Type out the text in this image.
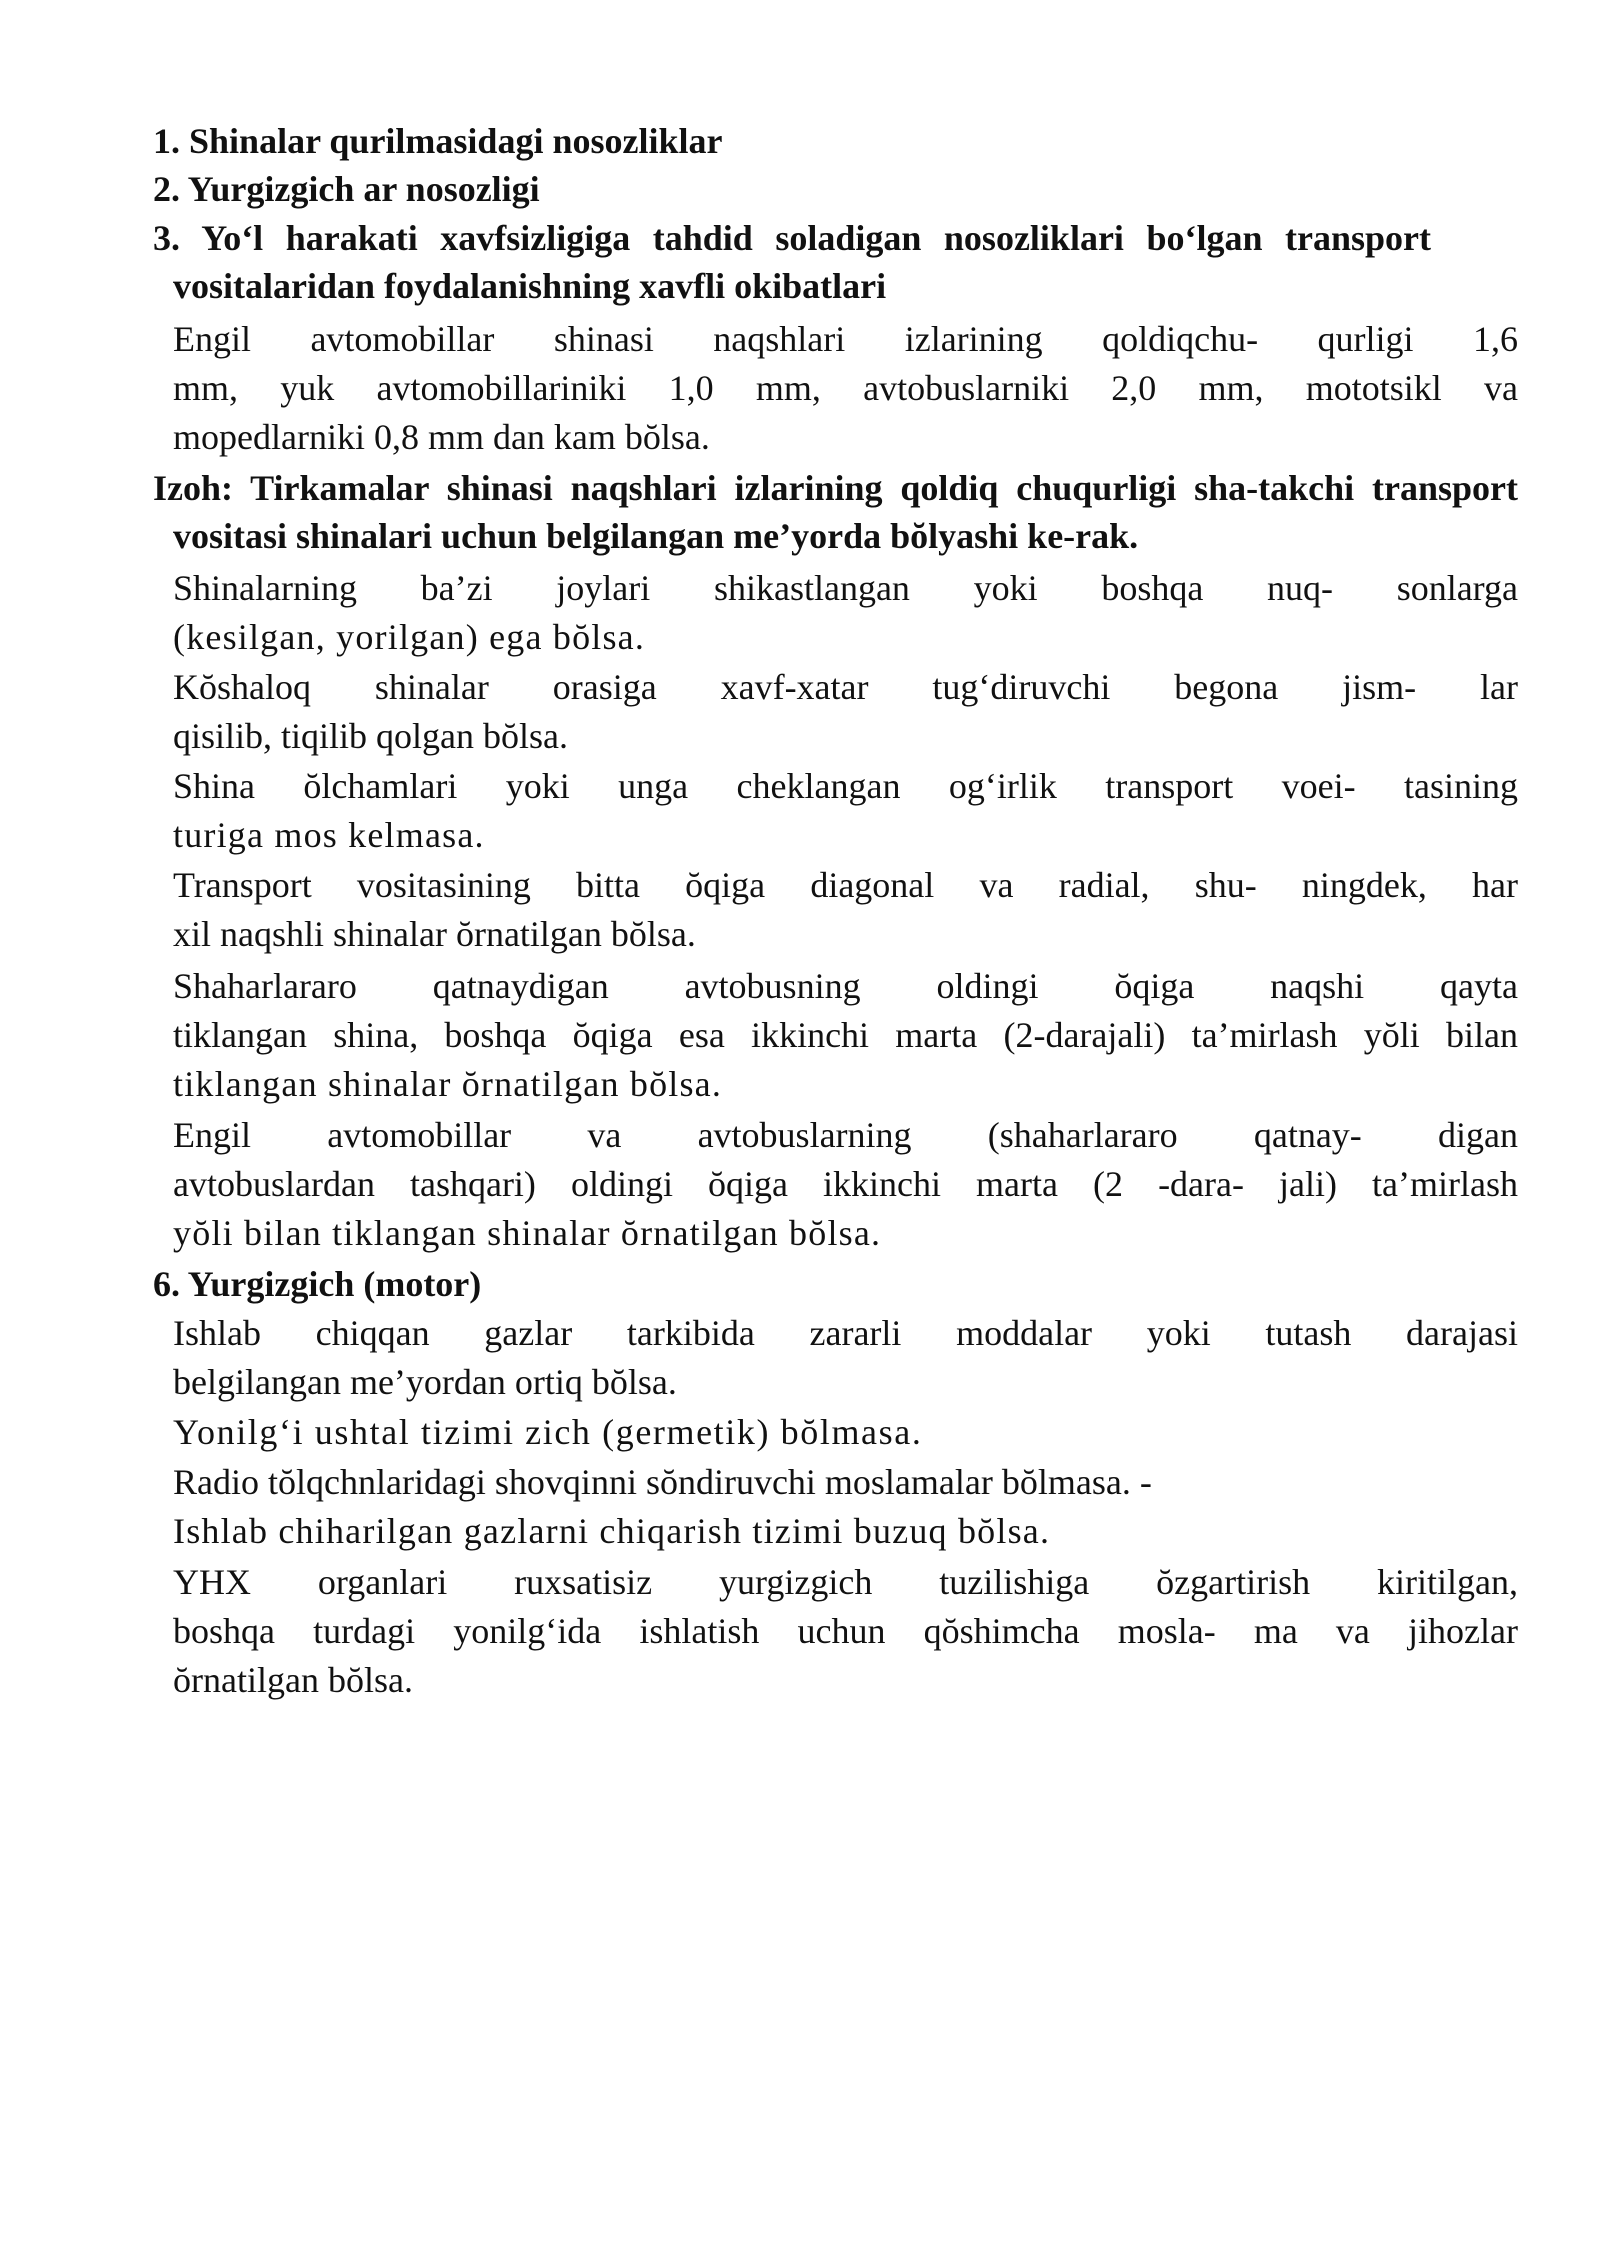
1. Shinalar qurilmasidagi nosozliklar
2. Yurgizgich ar nosozligi
3. Yo‘l harakati xavfsizligiga tahdid soladigan nosozliklari bo‘lgan transport
vositalaridan foydalanishning xavfli okibatlari
Engil avtomobillar shinasi naqshlari izlarining qoldiqchu- qurligi 1,6
mm, yuk avtomobillariniki 1,0 mm, avtobuslarniki 2,0 mm, mototsikl va
mopedlarniki 0,8 mm dan kam bŏlsa.
Izoh: Tirkamalar shinasi naqshlari izlarining qoldiq chuqurligi sha-takchi transport
vositasi shinalari uchun belgilangan me’yorda bŏlyashi ke-rak.
Shinalarning ba’zi joylari shikastlangan yoki boshqa nuq- sonlarga
(kesilgan, yorilgan) ega bŏlsa.
Kŏshaloq shinalar orasiga xavf-xatar tug‘diruvchi begona jism- lar
qisilib, tiqilib qolgan bŏlsa.
Shina ŏlchamlari yoki unga cheklangan og‘irlik transport voei- tasining
turiga mos kelmasa.
Transport vositasining bitta ŏqiga diagonal va radial, shu- ningdek, har
xil naqshli shinalar ŏrnatilgan bŏlsa.
Shaharlararo qatnaydigan avtobusning oldingi ŏqiga naqshi qayta
tiklangan shina, boshqa ŏqiga esa ikkinchi marta (2-darajali) ta’mirlash yŏli bilan
tiklangan shinalar ŏrnatilgan bŏlsa.
Engil avtomobillar va avtobuslarning (shaharlararo qatnay- digan
avtobuslardan tashqari) oldingi ŏqiga ikkinchi marta (2 -dara- jali) ta’mirlash
yŏli bilan tiklangan shinalar ŏrnatilgan bŏlsa.
6. Yurgizgich (motor)
Ishlab chiqqan gazlar tarkibida zararli moddalar yoki tutash darajasi
belgilangan me’yordan ortiq bŏlsa.
Yonilg‘i ushtal tizimi zich (germetik) bŏlmasa.
Radio tŏlqchnlaridagi shovqinni sŏndiruvchi moslamalar bŏlmasa. -
Ishlab chiharilgan gazlarni chiqarish tizimi buzuq bŏlsa.
YHX organlari ruxsatisiz yurgizgich tuzilishiga ŏzgartirish kiritilgan,
boshqa turdagi yonilg‘ida ishlatish uchun qŏshimcha mosla- ma va jihozlar
ŏrnatilgan bŏlsa.
